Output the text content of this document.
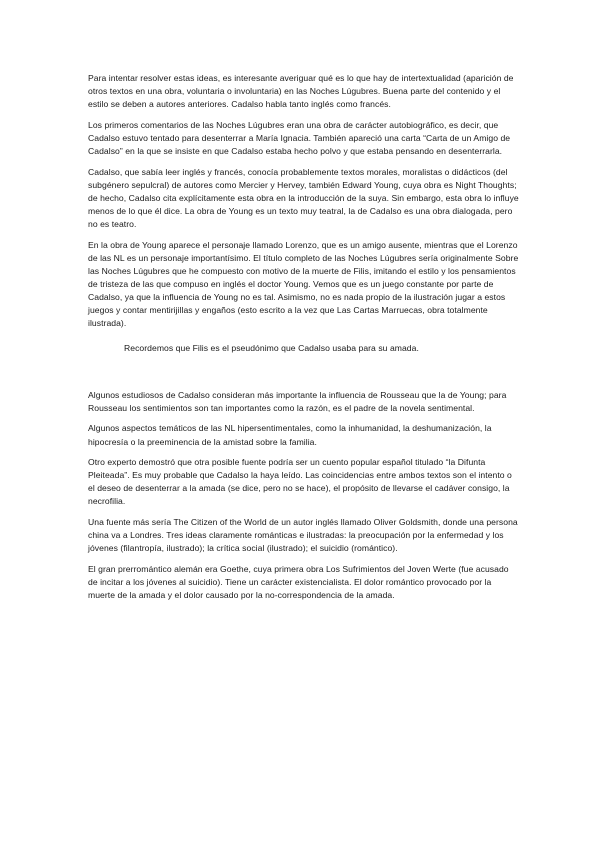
Para intentar resolver estas ideas, es interesante averiguar qué es lo que hay de intertextualidad (aparición de otros textos en una obra, voluntaria o involuntaria) en las Noches Lúgubres. Buena parte del contenido y el estilo se deben a autores anteriores. Cadalso habla tanto inglés como francés.

Los primeros comentarios de las Noches Lúgubres eran una obra de carácter autobiográfico, es decir, que Cadalso estuvo tentado para desenterrar a María Ignacia. También apareció una carta “Carta de un Amigo de Cadalso” en la que se insiste en que Cadalso estaba hecho polvo y que estaba pensando en desenterrarla.

Cadalso, que sabía leer inglés y francés, conocía probablemente textos morales, moralistas o didácticos (del subgénero sepulcral) de autores como Mercier y Hervey, también Edward Young, cuya obra es Night Thoughts; de hecho, Cadalso cita explícitamente esta obra en la introducción de la suya. Sin embargo, esta obra lo influye menos de lo que él dice. La obra de Young es un texto muy teatral, la de Cadalso es una obra dialogada, pero no es teatro.

En la obra de Young aparece el personaje llamado Lorenzo, que es un amigo ausente, mientras que el Lorenzo de las NL es un personaje importantísimo. El título completo de las Noches Lúgubres sería originalmente Sobre las Noches Lúgubres que he compuesto con motivo de la muerte de Filis, imitando el estilo y los pensamientos de tristeza de las que compuso en inglés el doctor Young. Vemos que es un juego constante por parte de Cadalso, ya que la influencia de Young no es tal. Asimismo, no es nada propio de la ilustración jugar a estos juegos y contar mentirijillas y engaños (esto escrito a la vez que Las Cartas Marruecas, obra totalmente ilustrada).

Recordemos que Filis es el pseudónimo que Cadalso usaba para su amada.

Algunos estudiosos de Cadalso consideran más importante la influencia de Rousseau que la de Young; para Rousseau los sentimientos son tan importantes como la razón, es el padre de la novela sentimental.

Algunos aspectos temáticos de las NL hipersentimentales, como la inhumanidad, la deshumanización, la hipocresía o la preeminencia de la amistad sobre la familia.

Otro experto demostró que otra posible fuente podría ser un cuento popular español titulado “la Difunta Pleiteada”. Es muy probable que Cadalso la haya leído. Las coincidencias entre ambos textos son el intento o el deseo de desenterrar a la amada (se dice, pero no se hace), el propósito de llevarse el cadáver consigo, la necrofilia.

Una fuente más sería The Citizen of the World de un autor inglés llamado Oliver Goldsmith, donde una persona china va a Londres. Tres ideas claramente románticas e ilustradas: la preocupación por la enfermedad y los jóvenes (filantropía, ilustrado); la crítica social (ilustrado); el suicidio (romántico).

El gran prerromántico alemán era Goethe, cuya primera obra Los Sufrimientos del Joven Werte (fue acusado de incitar a los jóvenes al suicidio). Tiene un carácter existencialista. El dolor romántico provocado por la muerte de la amada y el dolor causado por la no-correspondencia de la amada.
